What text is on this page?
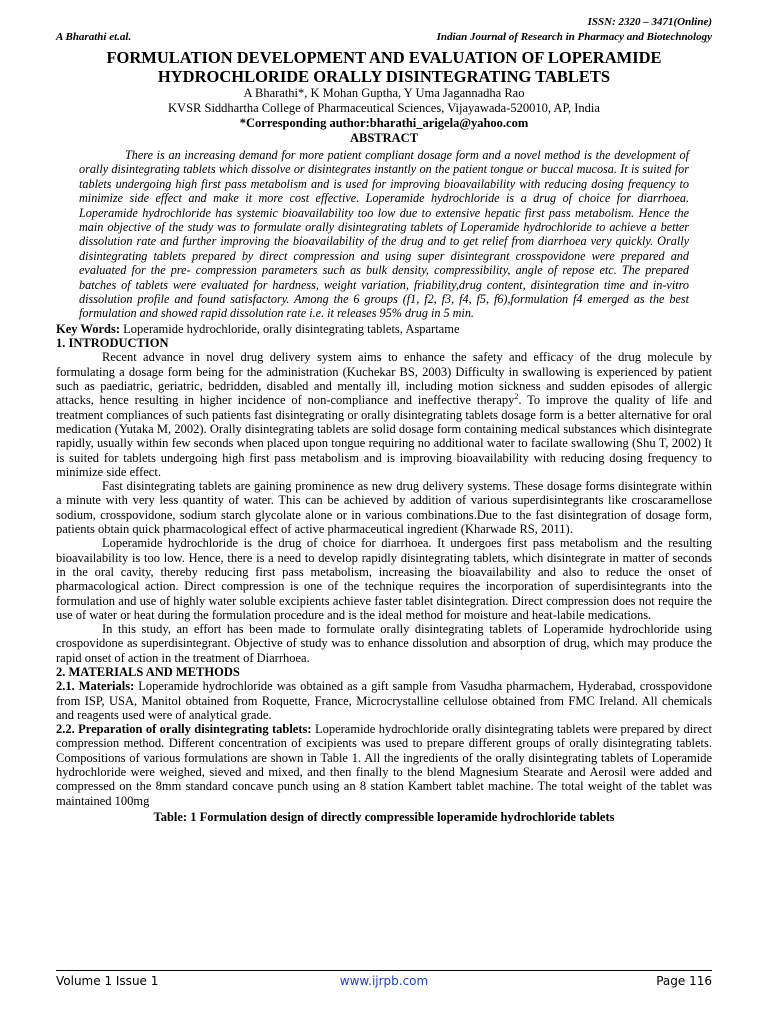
ISSN: 2320 – 3471(Online)
A Bharathi et.al.	Indian Journal of Research in Pharmacy and Biotechnology
FORMULATION DEVELOPMENT AND EVALUATION OF LOPERAMIDE HYDROCHLORIDE ORALLY DISINTEGRATING TABLETS

A Bharathi*, K Mohan Guptha, Y Uma Jagannadha Rao

KVSR Siddhartha College of Pharmaceutical Sciences, Vijayawada-520010, AP, India

*Corresponding author:bharathi_arigela@yahoo.com

ABSTRACT

There is an increasing demand for more patient compliant dosage form and a novel method is the development of orally disintegrating tablets which dissolve or disintegrates instantly on the patient tongue or buccal mucosa. It is suited for tablets undergoing high first pass metabolism and is used for improving bioavailability with reducing dosing frequency to minimize side effect and make it more cost effective. Loperamide hydrochloride is a drug of choice for diarrhoea. Loperamide hydrochloride has systemic bioavailability too low due to extensive hepatic first pass metabolism. Hence the main objective of the study was to formulate orally disintegrating tablets of Loperamide hydrochloride to achieve a better dissolution rate and further improving the bioavailability of the drug and to get relief from diarrhoea very quickly. Orally disintegrating tablets prepared by direct compression and using super disintegrant crosspovidone were prepared and evaluated for the pre- compression parameters such as bulk density, compressibility, angle of repose etc. The prepared batches of tablets were evaluated for hardness, weight variation, friability,drug content, disintegration time and in-vitro dissolution profile and found satisfactory. Among the 6 groups (f1, f2, f3, f4, f5, f6),formulation f4 emerged as the best formulation and showed rapid dissolution rate i.e. it releases 95% drug in 5 min.

Key Words: Loperamide hydrochloride, orally disintegrating tablets, Aspartame

1. INTRODUCTION

Recent advance in novel drug delivery system aims to enhance the safety and efficacy of the drug molecule by formulating a dosage form being for the administration (Kuchekar BS, 2003) Difficulty in swallowing is experienced by patient such as paediatric, geriatric, bedridden, disabled and mentally ill, including motion sickness and sudden episodes of allergic attacks, hence resulting in higher incidence of non-compliance and ineffective therapy$^2$. To improve the quality of life and treatment compliances of such patients fast disintegrating or orally disintegrating tablets dosage form is a better alternative for oral medication (Yutaka M, 2002). Orally disintegrating tablets are solid dosage form containing medical substances which disintegrate rapidly, usually within few seconds when placed upon tongue requiring no additional water to facilate swallowing (Shu T, 2002) It is suited for tablets undergoing high first pass metabolism and is improving bioavailability with reducing dosing frequency to minimize side effect.

Fast disintegrating tablets are gaining prominence as new drug delivery systems. These dosage forms disintegrate within a minute with very less quantity of water. This can be achieved by addition of various superdisintegrants like croscaramellose sodium, crosspovidone, sodium starch glycolate alone or in various combinations.Due to the fast disintegration of dosage form, patients obtain quick pharmacological effect of active pharmaceutical ingredient (Kharwade RS, 2011).

Loperamide hydrochloride is the drug of choice for diarrhoea. It undergoes first pass metabolism and the resulting bioavailability is too low. Hence, there is a need to develop rapidly disintegrating tablets, which disintegrate in matter of seconds in the oral cavity, thereby reducing first pass metabolism, increasing the bioavailability and also to reduce the onset of pharmacological action. Direct compression is one of the technique requires the incorporation of superdisintegrants into the formulation and use of highly water soluble excipients achieve faster tablet disintegration. Direct compression does not require the use of water or heat during the formulation procedure and is the ideal method for moisture and heat-labile medications.

In this study, an effort has been made to formulate orally disintegrating tablets of Loperamide hydrochloride using crospovidone as superdisintegrant. Objective of study was to enhance dissolution and absorption of drug, which may produce the rapid onset of action in the treatment of Diarrhoea.

2. MATERIALS AND METHODS

2.1. Materials: Loperamide hydrochloride was obtained as a gift sample from Vasudha pharmachem, Hyderabad, crosspovidone from ISP, USA, Manitol obtained from Roquette, France, Microcrystalline cellulose obtained from FMC Ireland. All chemicals and reagents used were of analytical grade.

2.2. Preparation of orally disintegrating tablets: Loperamide hydrochloride orally disintegrating tablets were prepared by direct compression method. Different concentration of excipients was used to prepare different groups of orally disintegrating tablets. Compositions of various formulations are shown in Table 1. All the ingredients of the orally disintegrating tablets of Loperamide hydrochloride were weighed, sieved and mixed, and then finally to the blend Magnesium Stearate and Aerosil were added and compressed on the 8mm standard concave punch using an 8 station Kambert tablet machine. The total weight of the tablet was maintained 100mg

Table: 1 Formulation design of directly compressible loperamide hydrochloride tablets

Volume 1 Issue 1	www.ijrpb.com	Page 116
